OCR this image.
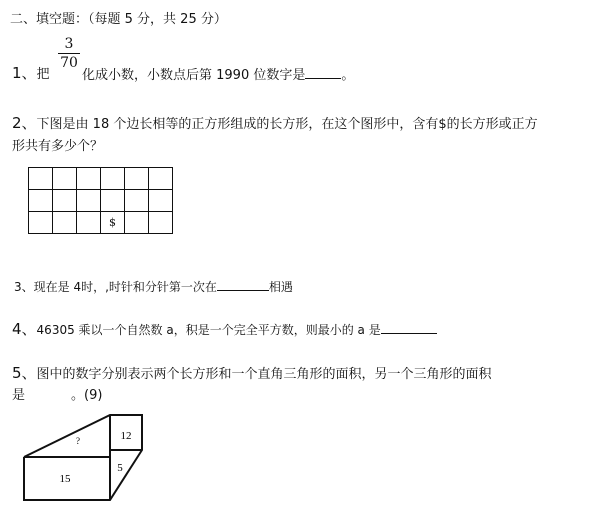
二、填空题：（每题 5 分，共 25 分）
1、把
3
70
化成小数，小数点后第 1990 位数字是	。
2、下图是由 18 个边长相等的正方形组成的长方形，在这个图形中，含有$的长方形或正方
形共有多少个？

			$		
3、现在是 4时，,时针和分针第一次在	相遇
4、46305 乘以一个自然数 a，积是一个完全平方数，则最小的 a 是
5、图中的数字分别表示两个长方形和一个直角三角形的面积，另一个三角形的面积
是	。(9)
?	12
5
15
